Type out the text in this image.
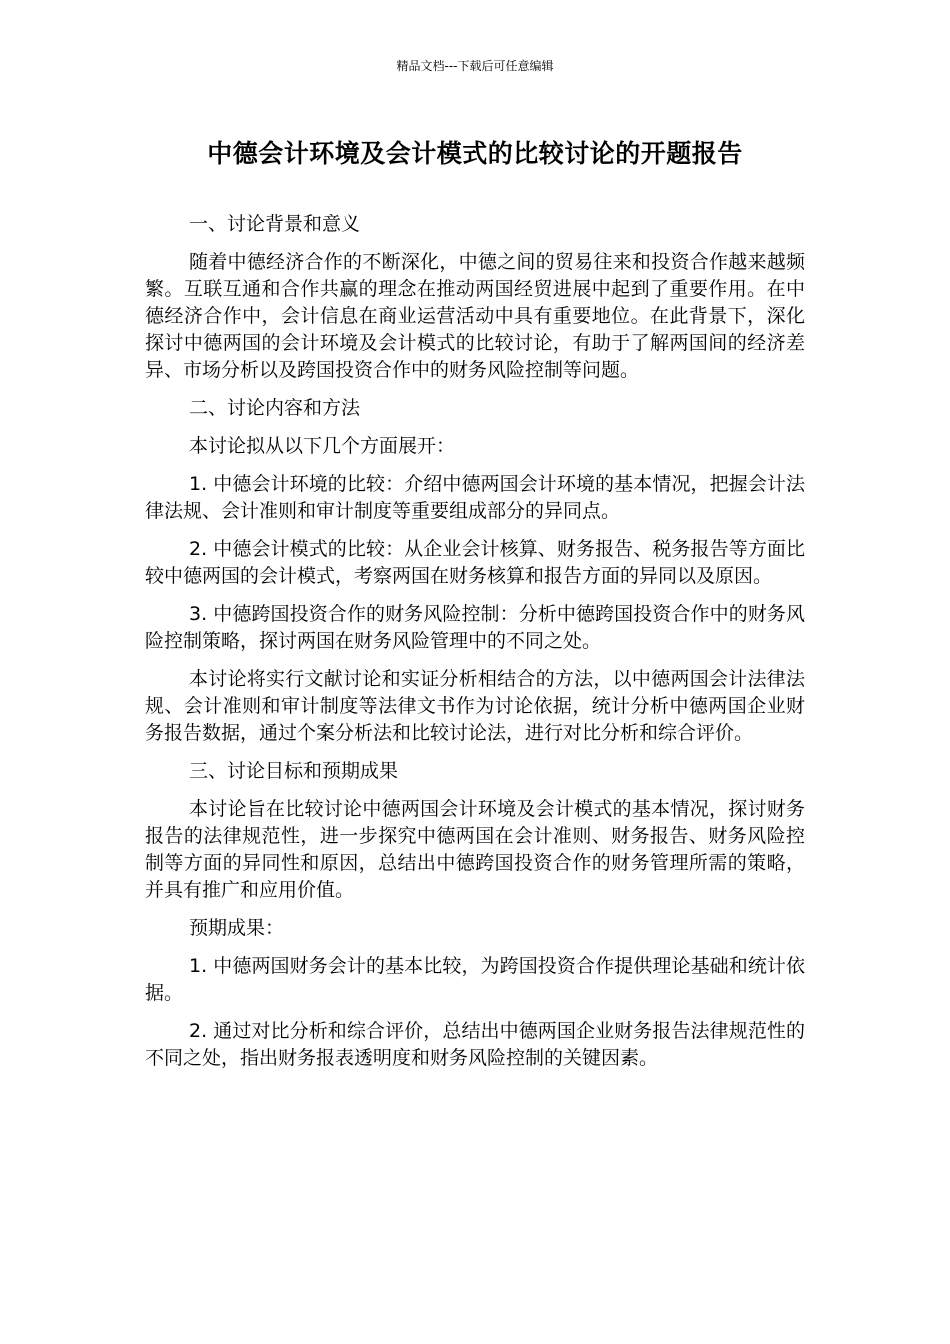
精品文档---下载后可任意编辑
中德会计环境及会计模式的比较讨论的开题报告

一、讨论背景和意义

随着中德经济合作的不断深化，中德之间的贸易往来和投资合作越来越频繁。互联互通和合作共赢的理念在推动两国经贸进展中起到了重要作用。在中德经济合作中，会计信息在商业运营活动中具有重要地位。在此背景下，深化探讨中德两国的会计环境及会计模式的比较讨论，有助于了解两国间的经济差异、市场分析以及跨国投资合作中的财务风险控制等问题。

二、讨论内容和方法

本讨论拟从以下几个方面展开：

1. 中德会计环境的比较：介绍中德两国会计环境的基本情况，把握会计法律法规、会计准则和审计制度等重要组成部分的异同点。

2. 中德会计模式的比较：从企业会计核算、财务报告、税务报告等方面比较中德两国的会计模式，考察两国在财务核算和报告方面的异同以及原因。

3. 中德跨国投资合作的财务风险控制：分析中德跨国投资合作中的财务风险控制策略，探讨两国在财务风险管理中的不同之处。

本讨论将实行文献讨论和实证分析相结合的方法，以中德两国会计法律法规、会计准则和审计制度等法律文书作为讨论依据，统计分析中德两国企业财务报告数据，通过个案分析法和比较讨论法，进行对比分析和综合评价。

三、讨论目标和预期成果

本讨论旨在比较讨论中德两国会计环境及会计模式的基本情况，探讨财务报告的法律规范性，进一步探究中德两国在会计准则、财务报告、财务风险控制等方面的异同性和原因，总结出中德跨国投资合作的财务管理所需的策略，并具有推广和应用价值。

预期成果：

1. 中德两国财务会计的基本比较，为跨国投资合作提供理论基础和统计依据。

2. 通过对比分析和综合评价，总结出中德两国企业财务报告法律规范性的不同之处，指出财务报表透明度和财务风险控制的关键因素。
